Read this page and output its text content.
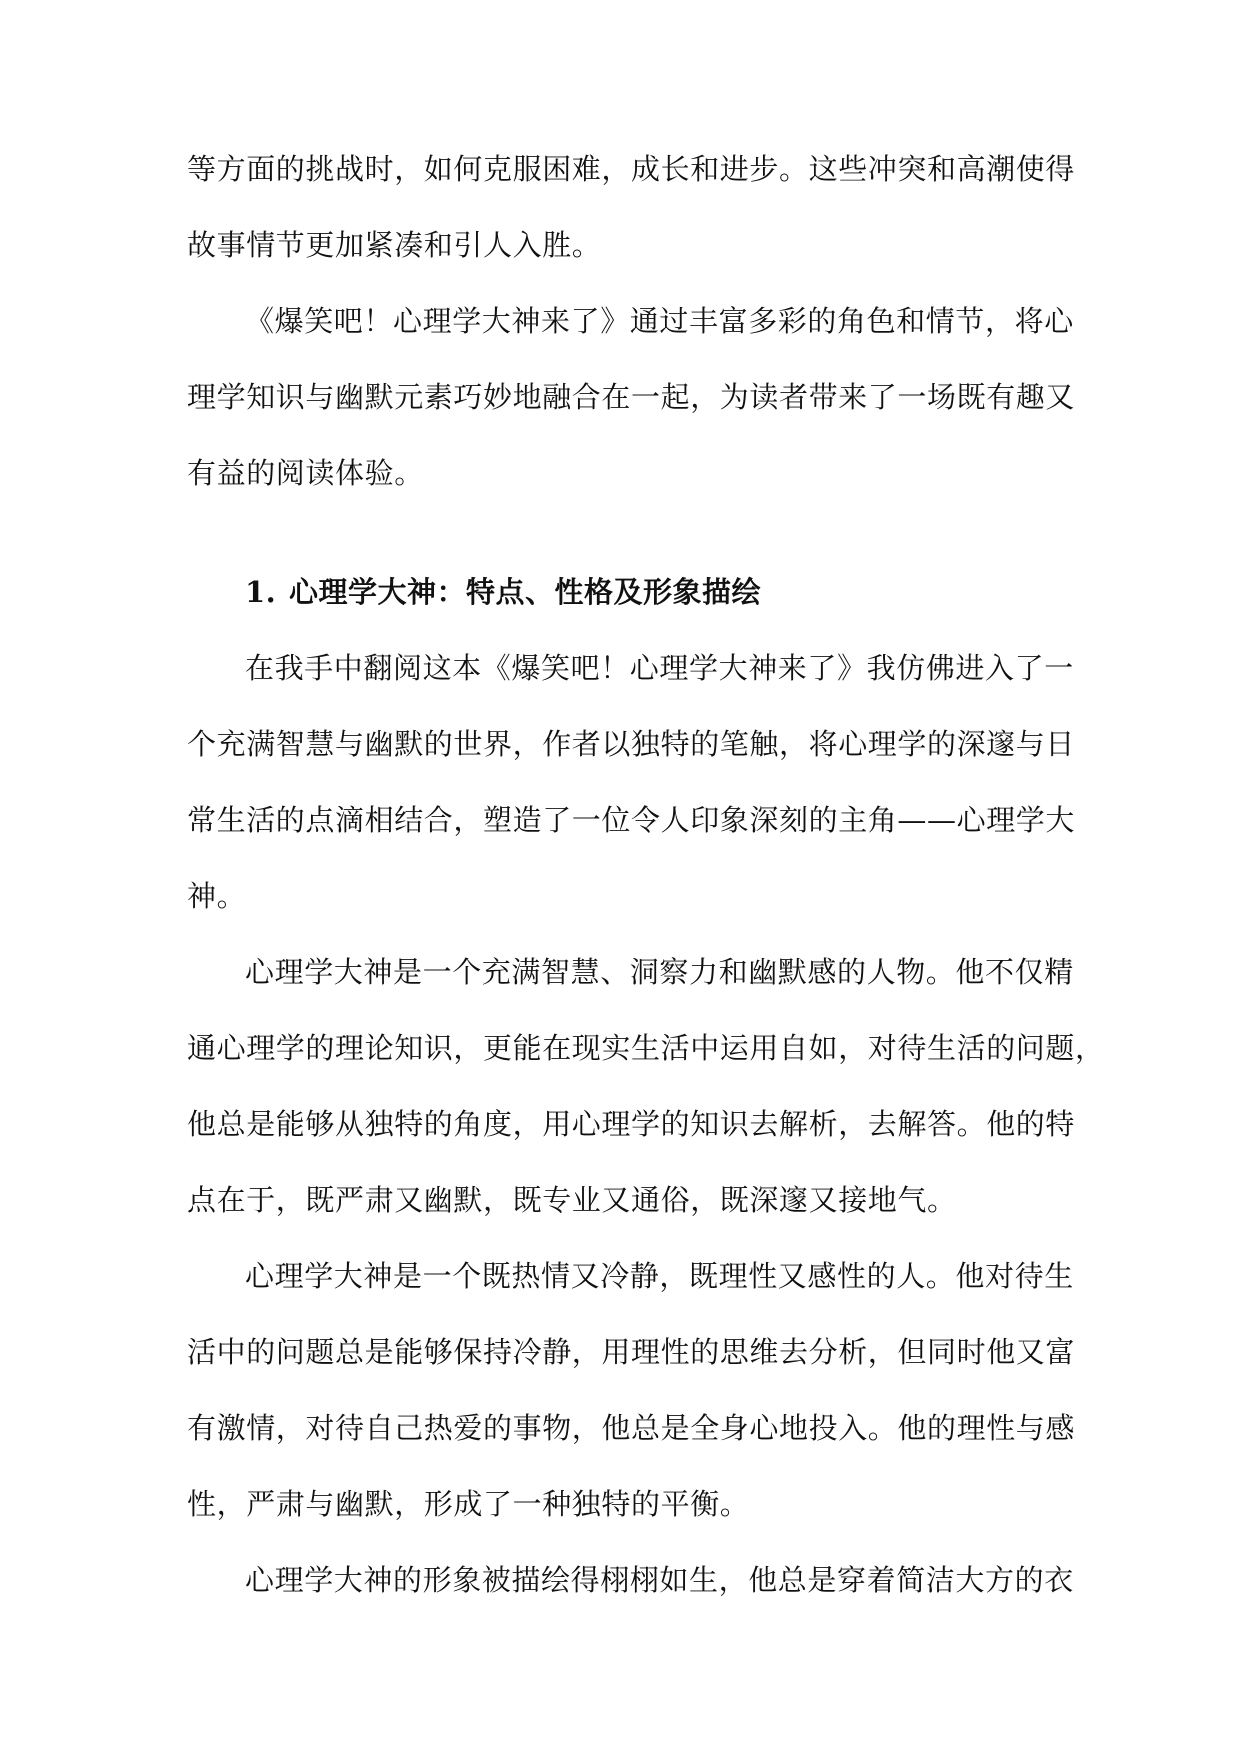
等方面的挑战时，如何克服困难，成长和进步。这些冲突和高潮使得
故事情节更加紧凑和引人入胜。
《爆笑吧！心理学大神来了》通过丰富多彩的角色和情节，将心
理学知识与幽默元素巧妙地融合在一起，为读者带来了一场既有趣又
有益的阅读体验。
1. 心理学大神：特点、性格及形象描绘
在我手中翻阅这本《爆笑吧！心理学大神来了》我仿佛进入了一
个充满智慧与幽默的世界，作者以独特的笔触，将心理学的深邃与日
常生活的点滴相结合，塑造了一位令人印象深刻的主角——心理学大
神。
心理学大神是一个充满智慧、洞察力和幽默感的人物。他不仅精
通心理学的理论知识，更能在现实生活中运用自如，对待生活的问题，
他总是能够从独特的角度，用心理学的知识去解析，去解答。他的特
点在于，既严肃又幽默，既专业又通俗，既深邃又接地气。
心理学大神是一个既热情又冷静，既理性又感性的人。他对待生
活中的问题总是能够保持冷静，用理性的思维去分析，但同时他又富
有激情，对待自己热爱的事物，他总是全身心地投入。他的理性与感
性，严肃与幽默，形成了一种独特的平衡。
心理学大神的形象被描绘得栩栩如生，他总是穿着简洁大方的衣
